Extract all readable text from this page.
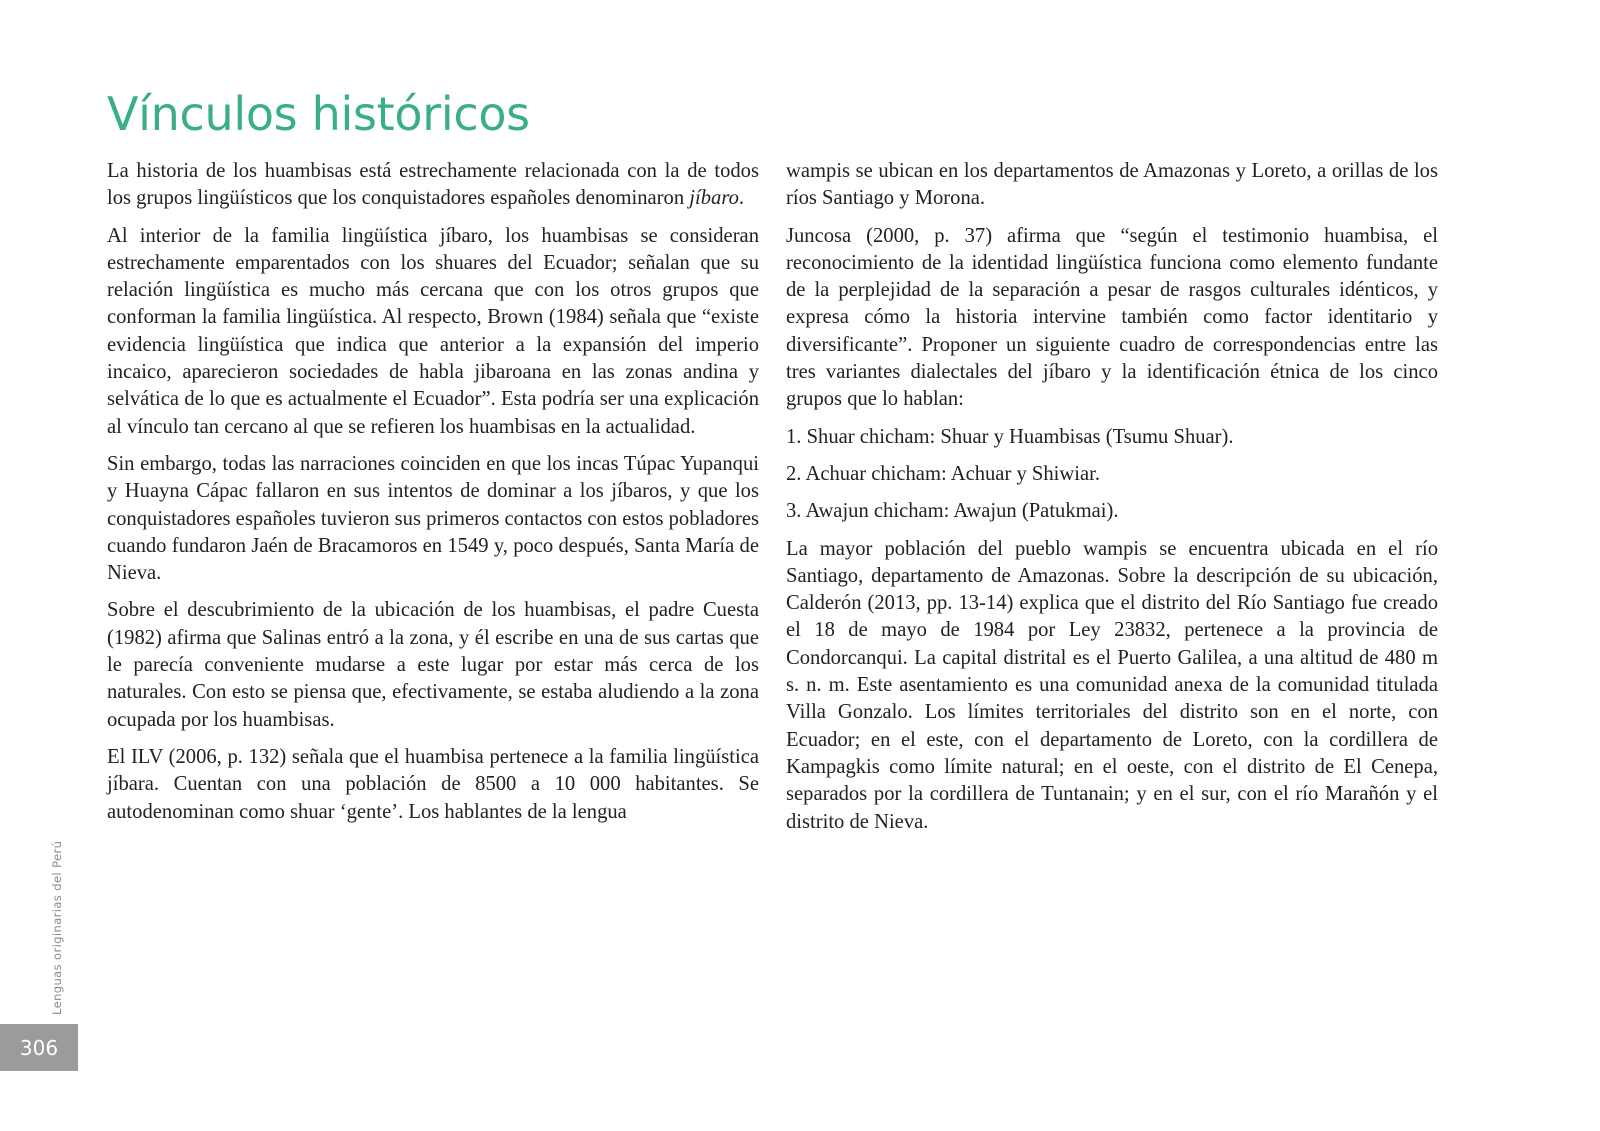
Vínculos históricos

La historia de los huambisas está estrechamente relacionada con la de todos los grupos lingüísticos que los conquistadores españoles denominaron jíbaro.

Al interior de la familia lingüística jíbaro, los huambisas se consideran estrechamente emparentados con los shuares del Ecuador; señalan que su relación lingüística es mucho más cercana que con los otros grupos que conforman la familia lingüística. Al respecto, Brown (1984) señala que “existe evidencia lingüística que indica que anterior a la expansión del imperio incaico, aparecieron sociedades de habla jibaroana en las zonas andina y selvática de lo que es actualmente el Ecuador”. Esta podría ser una explicación al vínculo tan cercano al que se refieren los huambisas en la actualidad.

Sin embargo, todas las narraciones coinciden en que los incas Túpac Yupanqui y Huayna Cápac fallaron en sus intentos de dominar a los jíbaros, y que los conquistadores españoles tuvieron sus primeros contactos con estos pobladores cuando fundaron Jaén de Bracamoros en 1549 y, poco después, Santa María de Nieva.

Sobre el descubrimiento de la ubicación de los huambisas, el padre Cuesta (1982) afirma que Salinas entró a la zona, y él escribe en una de sus cartas que le parecía conveniente mudarse a este lugar por estar más cerca de los naturales. Con esto se piensa que, efectivamente, se estaba aludiendo a la zona ocupada por los huambisas.

El ILV (2006, p. 132) señala que el huambisa pertenece a la familia lingüística jíbara. Cuentan con una población de 8500 a 10 000 habitantes. Se autodenominan como shuar ‘gente’. Los hablantes de la lengua

wampis se ubican en los departamentos de Amazonas y Loreto, a orillas de los ríos Santiago y Morona.

Juncosa (2000, p. 37) afirma que “según el testimonio huambisa, el reconocimiento de la identidad lingüística funciona como elemento fundante de la perplejidad de la separación a pesar de rasgos culturales idénticos, y expresa cómo la historia intervine también como factor identitario y diversificante”. Proponer un siguiente cuadro de correspondencias entre las tres variantes dialectales del jíbaro y la identificación étnica de los cinco grupos que lo hablan:

1. Shuar chicham: Shuar y Huambisas (Tsumu Shuar).

2. Achuar chicham: Achuar y Shiwiar.

3. Awajun chicham: Awajun (Patukmai).

La mayor población del pueblo wampis se encuentra ubicada en el río Santiago, departamento de Amazonas. Sobre la descripción de su ubicación, Calderón (2013, pp. 13-14) explica que el distrito del Río Santiago fue creado el 18 de mayo de 1984 por Ley 23832, pertenece a la provincia de Condorcanqui. La capital distrital es el Puerto Galilea, a una altitud de 480 m s. n. m. Este asentamiento es una comunidad anexa de la comunidad titulada Villa Gonzalo. Los límites territoriales del distrito son en el norte, con Ecuador; en el este, con el departamento de Loreto, con la cordillera de Kampagkis como límite natural; en el oeste, con el distrito de El Cenepa, separados por la cordillera de Tuntanain; y en el sur, con el río Marañón y el distrito de Nieva.

Lenguas originarias del Perú
306
